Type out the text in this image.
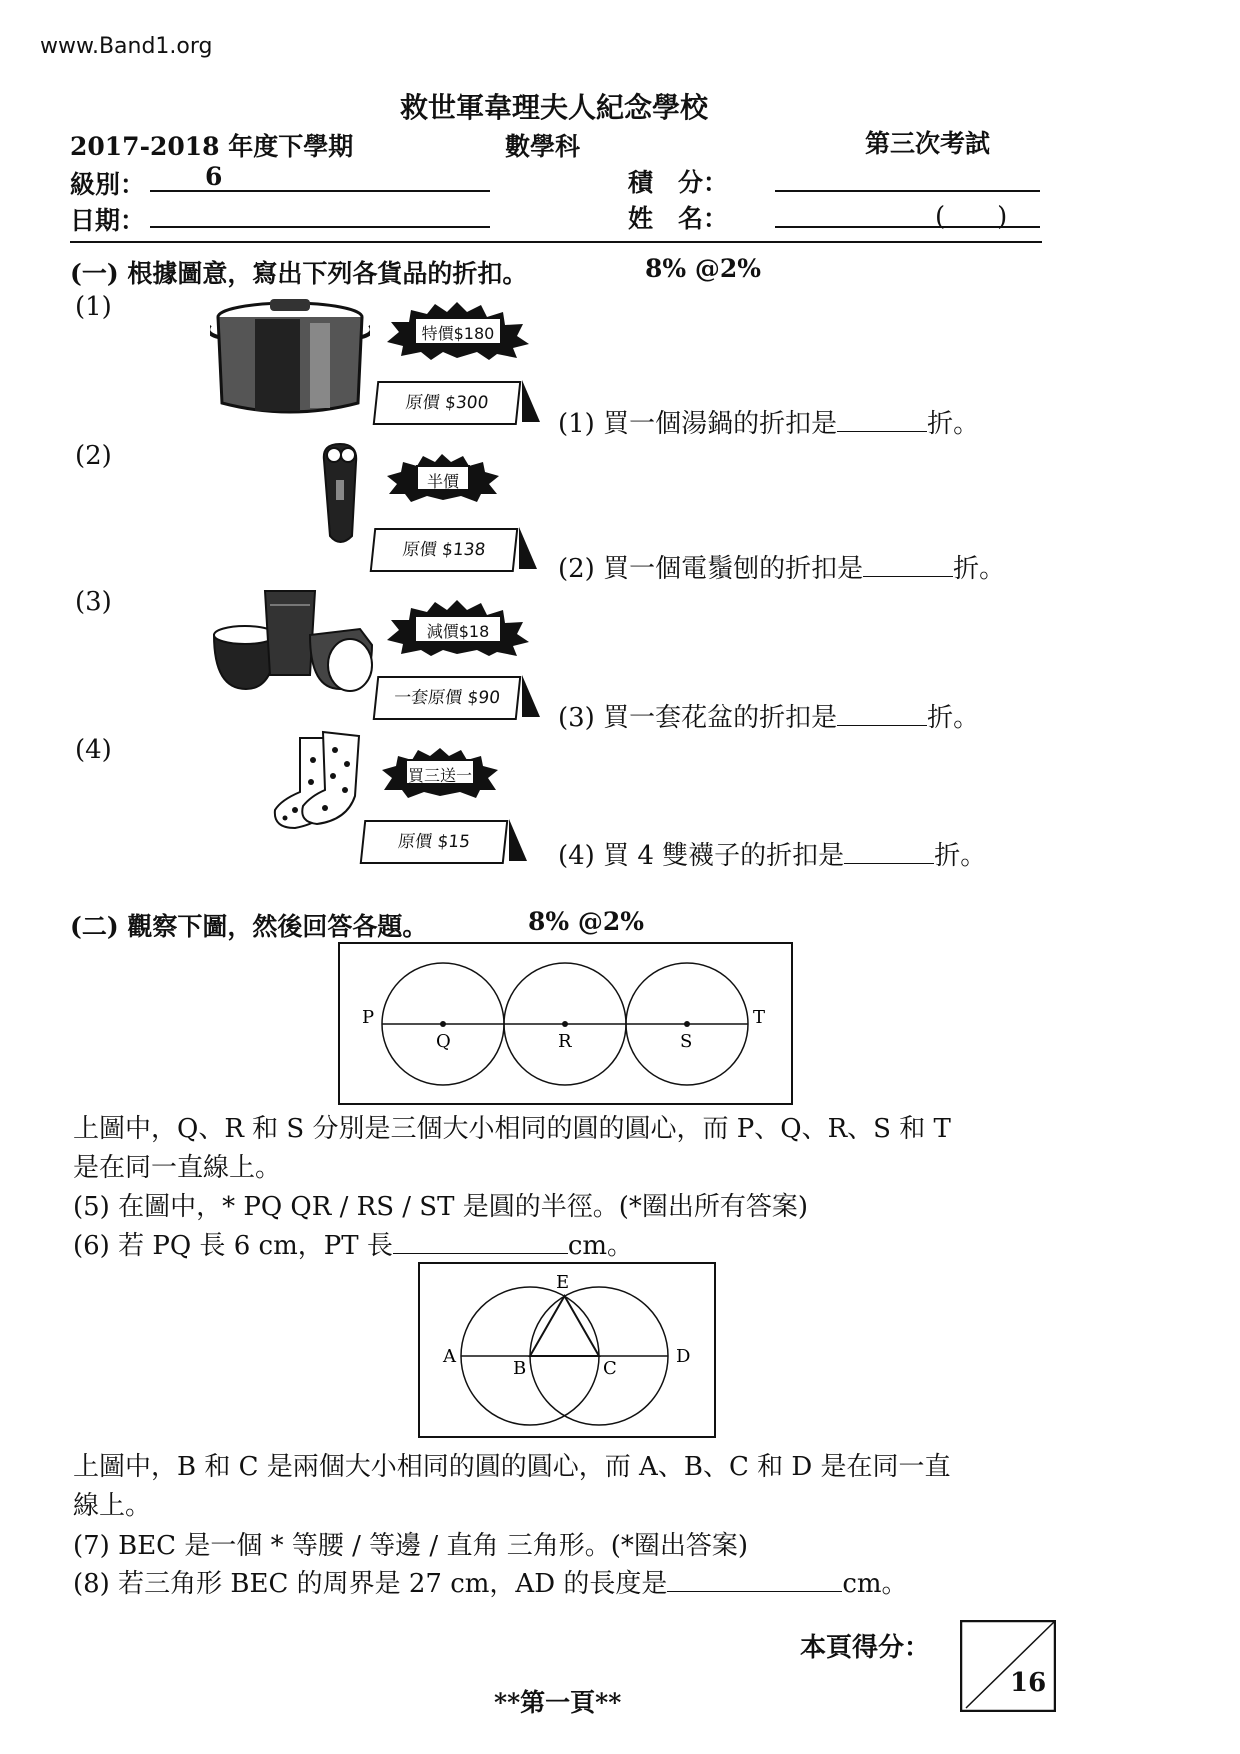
www.Band1.org
救世軍韋理夫人紀念學校
2017-2018 年度下學期	數學科	第三次考試
級別： 6
日期：
積　分：
姓　名：	(　　)
(一) 根據圖意，寫出下列各貨品的折扣。	8% @2%
(1)
特價$180
原價 $300
(1) 買一個湯鍋的折扣是	折。
(2)
半價
原價 $138
(2) 買一個電鬚刨的折扣是	折。
(3)
減價$18
一套原價 $90
(3) 買一套花盆的折扣是	折。
(4)
買三送一
原價 $15	(4) 買 4 雙襪子的折扣是	折。
(二) 觀察下圖，然後回答各題。	8% @2%
P
Q	R	S
T
上圖中，Q、R 和 S 分別是三個大小相同的圓的圓心，而 P、Q、R、S 和 T
是在同一直線上。
(5) 在圖中，* PQ QR / RS / ST 是圓的半徑。(*圈出所有答案)
(6) 若 PQ 長 6 cm，PT 長	cm。
A
B	C
D
E
上圖中，B 和 C 是兩個大小相同的圓的圓心，而 A、B、C 和 D 是在同一直
線上。
(7) BEC 是一個 * 等腰 / 等邊 / 直角 三角形。(*圈出答案)
(8) 若三角形 BEC 的周界是 27 cm，AD 的長度是	cm。
本頁得分：
16
**第一頁**
